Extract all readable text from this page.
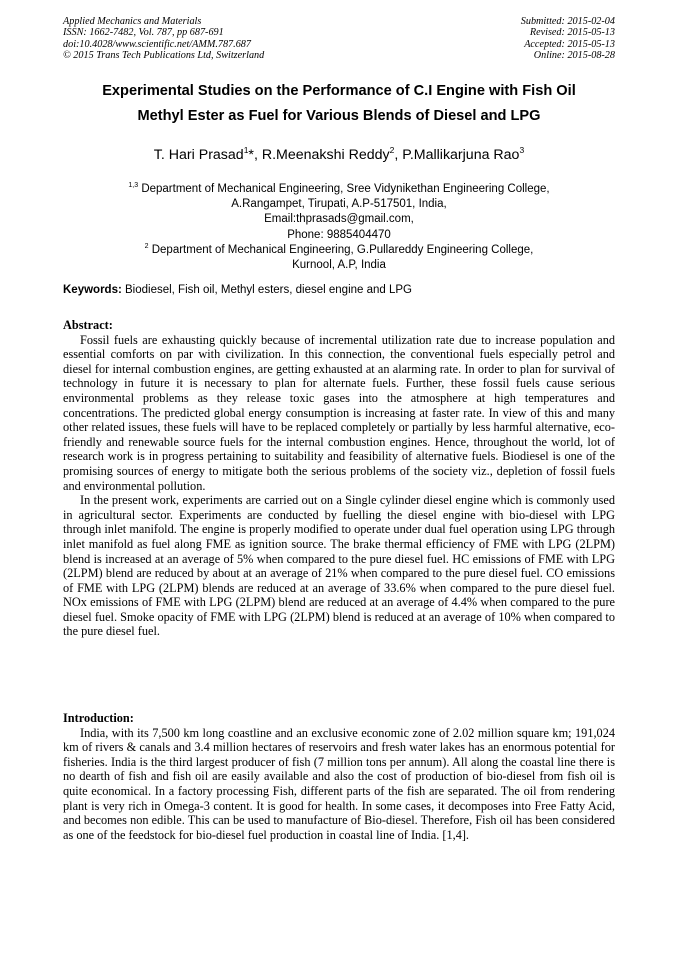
Applied Mechanics and Materials
ISSN: 1662-7482, Vol. 787, pp 687-691
doi:10.4028/www.scientific.net/AMM.787.687
© 2015 Trans Tech Publications Ltd, Switzerland
Submitted: 2015-02-04
Revised: 2015-05-13
Accepted: 2015-05-13
Online: 2015-08-28
Experimental Studies on the Performance of C.I Engine with Fish Oil
Methyl Ester as Fuel for Various Blends of Diesel and LPG
T. Hari Prasad$^1$*, R.Meenakshi Reddy$^2$, P.Mallikarjuna Rao$^3$
$^{1,3}$ Department of Mechanical Engineering, Sree Vidynikethan Engineering College,
A.Rangampet, Tirupati, A.P-517501, India,
Email:thprasads@gmail.com,
Phone: 9885404470
$^2$ Department of Mechanical Engineering, G.Pullareddy Engineering College,
Kurnool, A.P, India
Keywords: Biodiesel, Fish oil, Methyl esters, diesel engine and LPG
Abstract:

Fossil fuels are exhausting quickly because of incremental utilization rate due to increase population and essential comforts on par with civilization. In this connection, the conventional fuels especially petrol and diesel for internal combustion engines, are getting exhausted at an alarming rate. In order to plan for survival of technology in future it is necessary to plan for alternate fuels. Further, these fossil fuels cause serious environmental problems as they release toxic gases into the atmosphere at high temperatures and concentrations. The predicted global energy consumption is increasing at faster rate. In view of this and many other related issues, these fuels will have to be replaced completely or partially by less harmful alternative, eco-friendly and renewable source fuels for the internal combustion engines. Hence, throughout the world, lot of research work is in progress pertaining to suitability and feasibility of alternative fuels. Biodiesel is one of the promising sources of energy to mitigate both the serious problems of the society viz., depletion of fossil fuels and environmental pollution.

In the present work, experiments are carried out on a Single cylinder diesel engine which is commonly used in agricultural sector. Experiments are conducted by fuelling the diesel engine with bio-diesel with LPG through inlet manifold. The engine is properly modified to operate under dual fuel operation using LPG through inlet manifold as fuel along FME as ignition source. The brake thermal efficiency of FME with LPG (2LPM) blend is increased at an average of 5% when compared to the pure diesel fuel. HC emissions of FME with LPG (2LPM) blend are reduced by about at an average of 21% when compared to the pure diesel fuel. CO emissions of FME with LPG (2LPM) blends are reduced at an average of 33.6% when compared to the pure diesel fuel. NOx emissions of FME with LPG (2LPM) blend are reduced at an average of 4.4% when compared to the pure diesel fuel. Smoke opacity of FME with LPG (2LPM) blend is reduced at an average of 10% when compared to the pure diesel fuel.

Introduction:

India, with its 7,500 km long coastline and an exclusive economic zone of 2.02 million square km; 191,024 km of rivers & canals and 3.4 million hectares of reservoirs and fresh water lakes has an enormous potential for fisheries. India is the third largest producer of fish (7 million tons per annum). All along the coastal line there is no dearth of fish and fish oil are easily available and also the cost of production of bio-diesel from fish oil is quite economical. In a factory processing Fish, different parts of the fish are separated. The oil from rendering plant is very rich in Omega-3 content. It is good for health. In some cases, it decomposes into Free Fatty Acid, and becomes non edible. This can be used to manufacture of Bio-diesel. Therefore, Fish oil has been considered as one of the feedstock for bio-diesel fuel production in coastal line of India. [1,4].
